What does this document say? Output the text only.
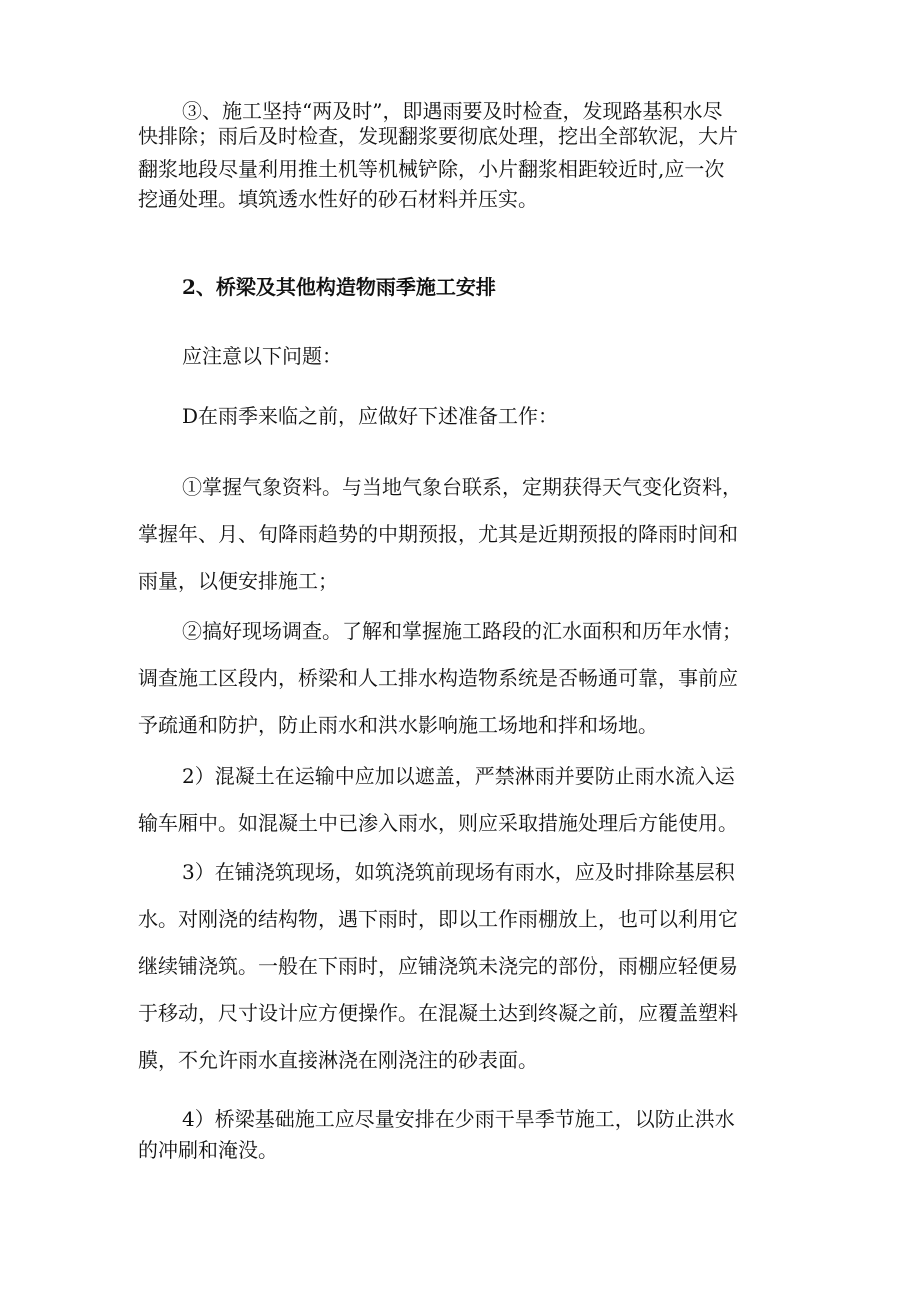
③、施工坚持“两及时”，即遇雨要及时检查，发现路基积水尽
快排除；雨后及时检查，发现翻浆要彻底处理，挖出全部软泥，大片
翻浆地段尽量利用推土机等机械铲除，小片翻浆相距较近时,应一次
挖通处理。填筑透水性好的砂石材料并压实。
2、桥梁及其他构造物雨季施工安排
应注意以下问题：
D在雨季来临之前，应做好下述准备工作：
①掌握气象资料。与当地气象台联系，定期获得天气变化资料，
掌握年、月、旬降雨趋势的中期预报，尤其是近期预报的降雨时间和
雨量，以便安排施工；
②搞好现场调查。了解和掌握施工路段的汇水面积和历年水情；
调查施工区段内，桥梁和人工排水构造物系统是否畅通可靠，事前应
予疏通和防护，防止雨水和洪水影响施工场地和拌和场地。
2）混凝土在运输中应加以遮盖，严禁淋雨并要防止雨水流入运
输车厢中。如混凝土中已渗入雨水，则应采取措施处理后方能使用。
3）在铺浇筑现场，如筑浇筑前现场有雨水，应及时排除基层积
水。对刚浇的结构物，遇下雨时，即以工作雨棚放上，也可以利用它
继续铺浇筑。一般在下雨时，应铺浇筑未浇完的部份，雨棚应轻便易
于移动，尺寸设计应方便操作。在混凝土达到终凝之前，应覆盖塑料
膜，不允许雨水直接淋浇在刚浇注的砂表面。
4）桥梁基础施工应尽量安排在少雨干旱季节施工，以防止洪水
的冲刷和淹没。
